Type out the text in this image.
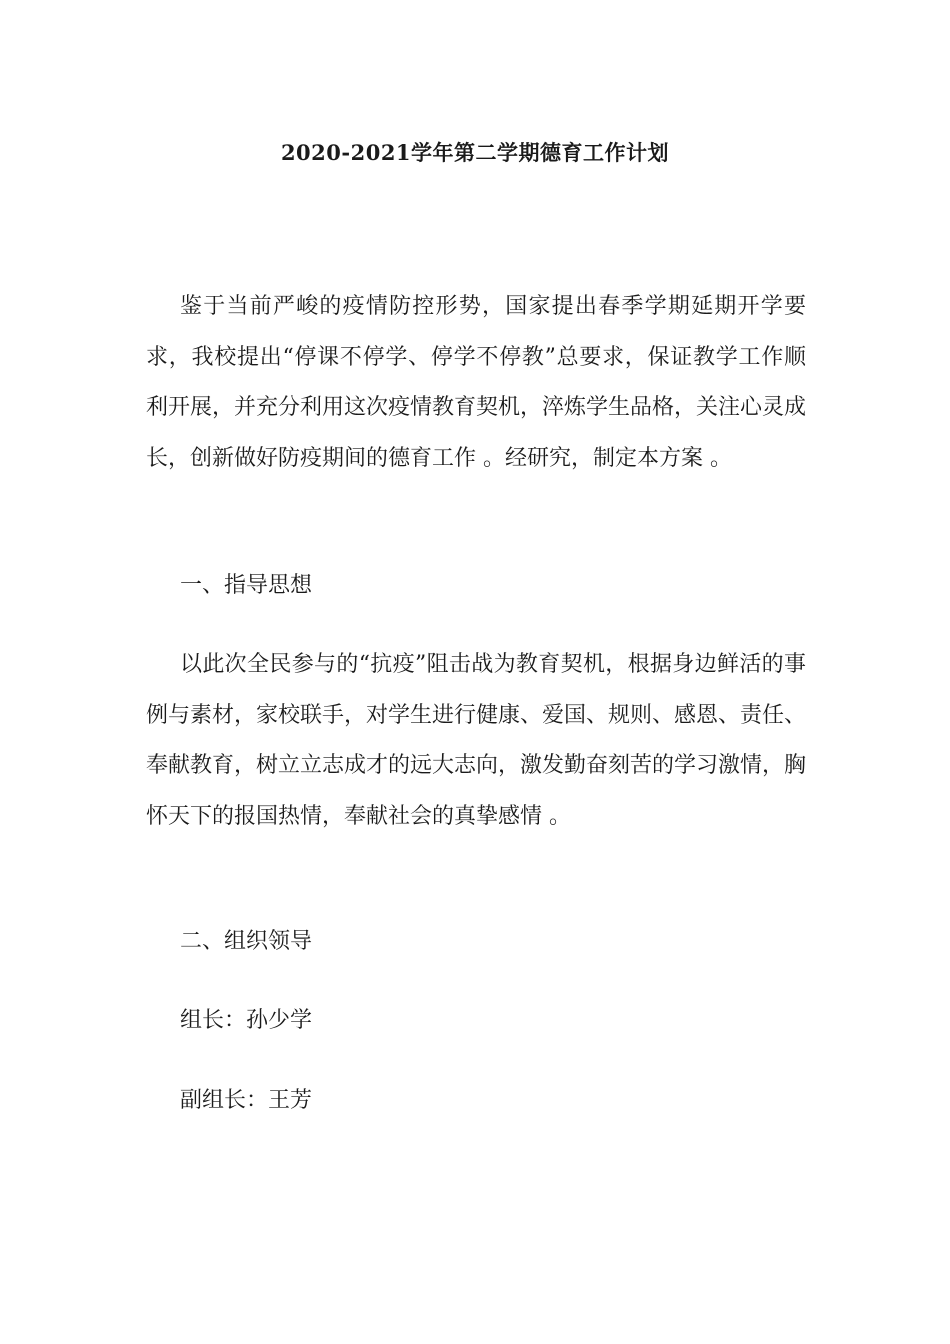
2020-2021学年第二学期德育工作计划

鉴于当前严峻的疫情防控形势，国家提出春季学期延期开学要求，我校提出“停课不停学、停学不停教”总要求，保证教学工作顺利开展，并充分利用这次疫情教育契机，淬炼学生品格，关注心灵成长，创新做好防疫期间的德育工作 。经研究，制定本方案 。

一、指导思想

以此次全民参与的“抗疫”阻击战为教育契机，根据身边鲜活的事例与素材，家校联手，对学生进行健康、爱国、规则、感恩、责任、奉献教育，树立立志成才的远大志向，激发勤奋刻苦的学习激情，胸怀天下的报国热情，奉献社会的真挚感情 。

二、组织领导

组长：孙少学

副组长：王芳
